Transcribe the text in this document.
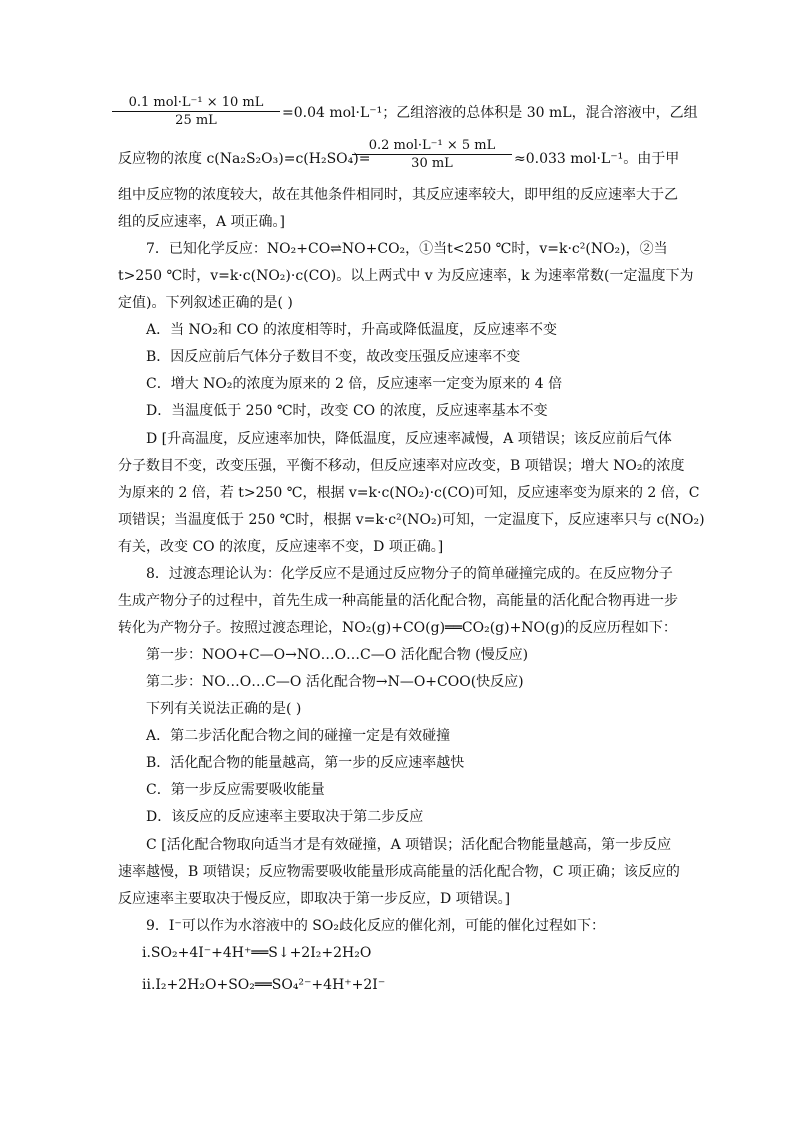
0.1 mol·L⁻¹ × 10 mL
25 mL	=0.04 mol·L⁻¹；乙组溶液的总体积是 30 mL，混合溶液中，乙组
反应物的浓度 c(Na₂S₂O₃)=c(H₂SO₄)=
0.2 mol·L⁻¹ × 5 mL
30 mL	≈0.033 mol·L⁻¹。由于甲
组中反应物的浓度较大，故在其他条件相同时，其反应速率较大，即甲组的反应速率大于乙
组的反应速率，A 项正确。]
7．已知化学反应：NO₂+CO⇌NO+CO₂，①当t<250 ℃时，v=k·c²(NO₂)，②当
t>250 ℃时，v=k·c(NO₂)·c(CO)。以上两式中 v 为反应速率，k 为速率常数(一定温度下为
定值)。下列叙述正确的是( )
A．当 NO₂和 CO 的浓度相等时，升高或降低温度，反应速率不变
B．因反应前后气体分子数目不变，故改变压强反应速率不变
C．增大 NO₂的浓度为原来的 2 倍，反应速率一定变为原来的 4 倍
D．当温度低于 250 ℃时，改变 CO 的浓度，反应速率基本不变
D [升高温度，反应速率加快，降低温度，反应速率减慢，A 项错误；该反应前后气体
分子数目不变，改变压强，平衡不移动，但反应速率对应改变，B 项错误；增大 NO₂的浓度
为原来的 2 倍，若 t>250 ℃，根据 v=k·c(NO₂)·c(CO)可知，反应速率变为原来的 2 倍，C
项错误；当温度低于 250 ℃时，根据 v=k·c²(NO₂)可知，一定温度下，反应速率只与 c(NO₂)
有关，改变 CO 的浓度，反应速率不变，D 项正确。]
8．过渡态理论认为：化学反应不是通过反应物分子的简单碰撞完成的。在反应物分子
生成产物分子的过程中，首先生成一种高能量的活化配合物，高能量的活化配合物再进一步
转化为产物分子。按照过渡态理论，NO₂(g)+CO(g)══CO₂(g)+NO(g)的反应历程如下：
第一步：NOO+C—O→NO…O…C—O 活化配合物 (慢反应)
第二步：NO…O…C—O 活化配合物→N—O+COO(快反应)
下列有关说法正确的是( )
A．第二步活化配合物之间的碰撞一定是有效碰撞
B．活化配合物的能量越高，第一步的反应速率越快
C．第一步反应需要吸收能量
D．该反应的反应速率主要取决于第二步反应
C [活化配合物取向适当才是有效碰撞，A 项错误；活化配合物能量越高，第一步反应
速率越慢，B 项错误；反应物需要吸收能量形成高能量的活化配合物，C 项正确；该反应的
反应速率主要取决于慢反应，即取决于第一步反应，D 项错误。]
9．I⁻可以作为水溶液中的 SO₂歧化反应的催化剂，可能的催化过程如下：
ⅰ.SO₂+4I⁻+4H⁺══S↓+2I₂+2H₂O
ⅱ.I₂+2H₂O+SO₂══SO₄²⁻+4H⁺+2I⁻
